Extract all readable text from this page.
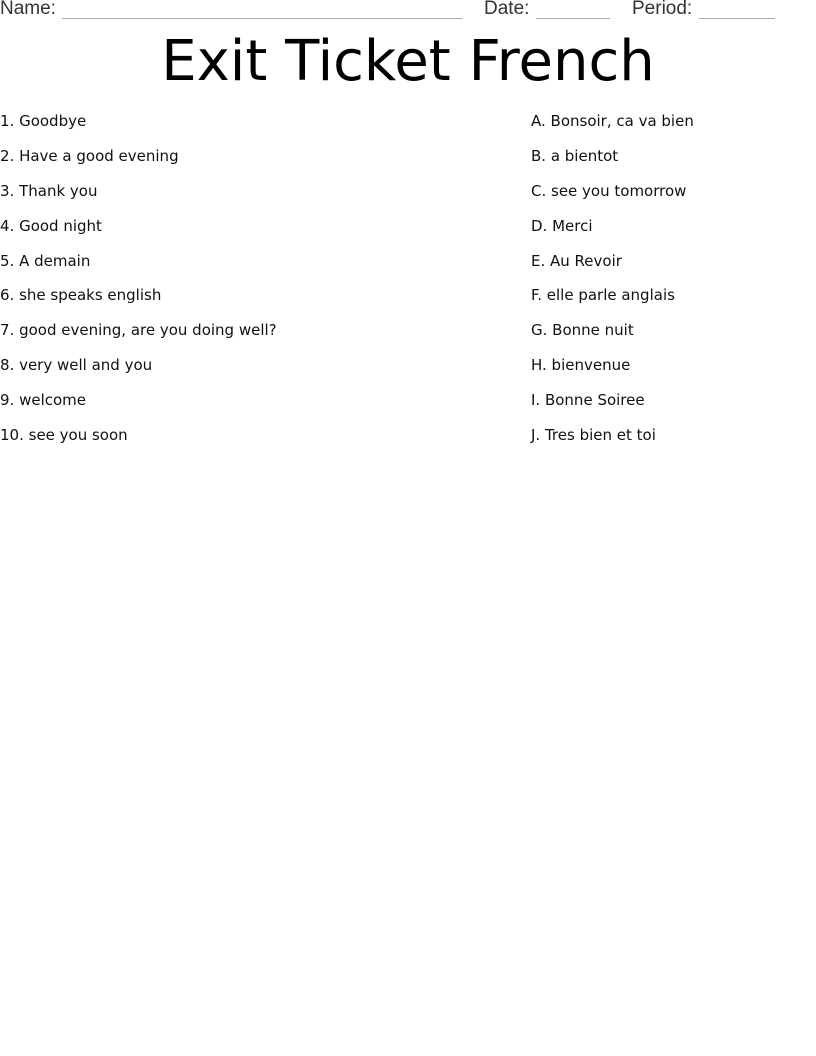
Name:	Date:	Period:
Exit Ticket French
1. Goodbye
2. Have a good evening
3. Thank you
4. Good night
5. A demain
6. she speaks english
7. good evening, are you doing well?
8. very well and you
9. welcome
10. see you soon
A. Bonsoir, ca va bien
B. a bientot
C. see you tomorrow
D. Merci
E. Au Revoir
F. elle parle anglais
G. Bonne nuit
H. bienvenue
I. Bonne Soiree
J. Tres bien et toi
